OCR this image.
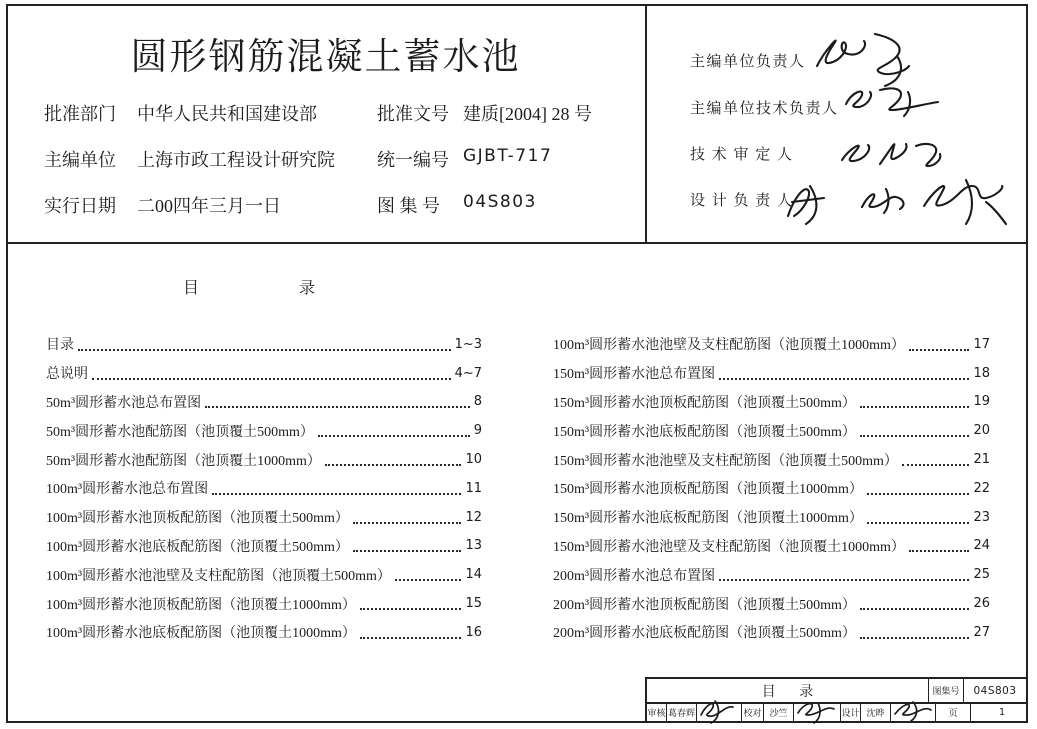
圆形钢筋混凝土蓄水池
批准部门 中华人民共和国建设部	批准文号 建质[2004] 28 号
主编单位 上海市政工程设计研究院 统一编号 GJBT-717
实行日期 二00四年三月一日	图 集 号 04S803
主编单位负责人
主编单位技术负责人
技 术 审 定 人
设 计 负 责 人
目	录
目录	1~3
总说明	4~7
50m³圆形蓄水池总布置图	8
50m³圆形蓄水池配筋图（池顶覆土500mm）	9
50m³圆形蓄水池配筋图（池顶覆土1000mm）	10
100m³圆形蓄水池总布置图	11
100m³圆形蓄水池顶板配筋图（池顶覆土500mm）	12
100m³圆形蓄水池底板配筋图（池顶覆土500mm）	13
100m³圆形蓄水池池壁及支柱配筋图（池顶覆土500mm）	14
100m³圆形蓄水池顶板配筋图（池顶覆土1000mm）	15
100m³圆形蓄水池底板配筋图（池顶覆土1000mm）	16
100m³圆形蓄水池池壁及支柱配筋图（池顶覆土1000mm）	17
150m³圆形蓄水池总布置图	18
150m³圆形蓄水池顶板配筋图（池顶覆土500mm）	19
150m³圆形蓄水池底板配筋图（池顶覆土500mm）	20
150m³圆形蓄水池池壁及支柱配筋图（池顶覆土500mm）	21
150m³圆形蓄水池顶板配筋图（池顶覆土1000mm）	22
150m³圆形蓄水池底板配筋图（池顶覆土1000mm）	23
150m³圆形蓄水池池壁及支柱配筋图（池顶覆土1000mm）	24
200m³圆形蓄水池总布置图	25
200m³圆形蓄水池顶板配筋图（池顶覆土500mm）	26
200m³圆形蓄水池底板配筋图（池顶覆土500mm）	27
目 录	图集号	04S803
审核 葛春辉	校对 沙竺	设计 沈晔	页	1
